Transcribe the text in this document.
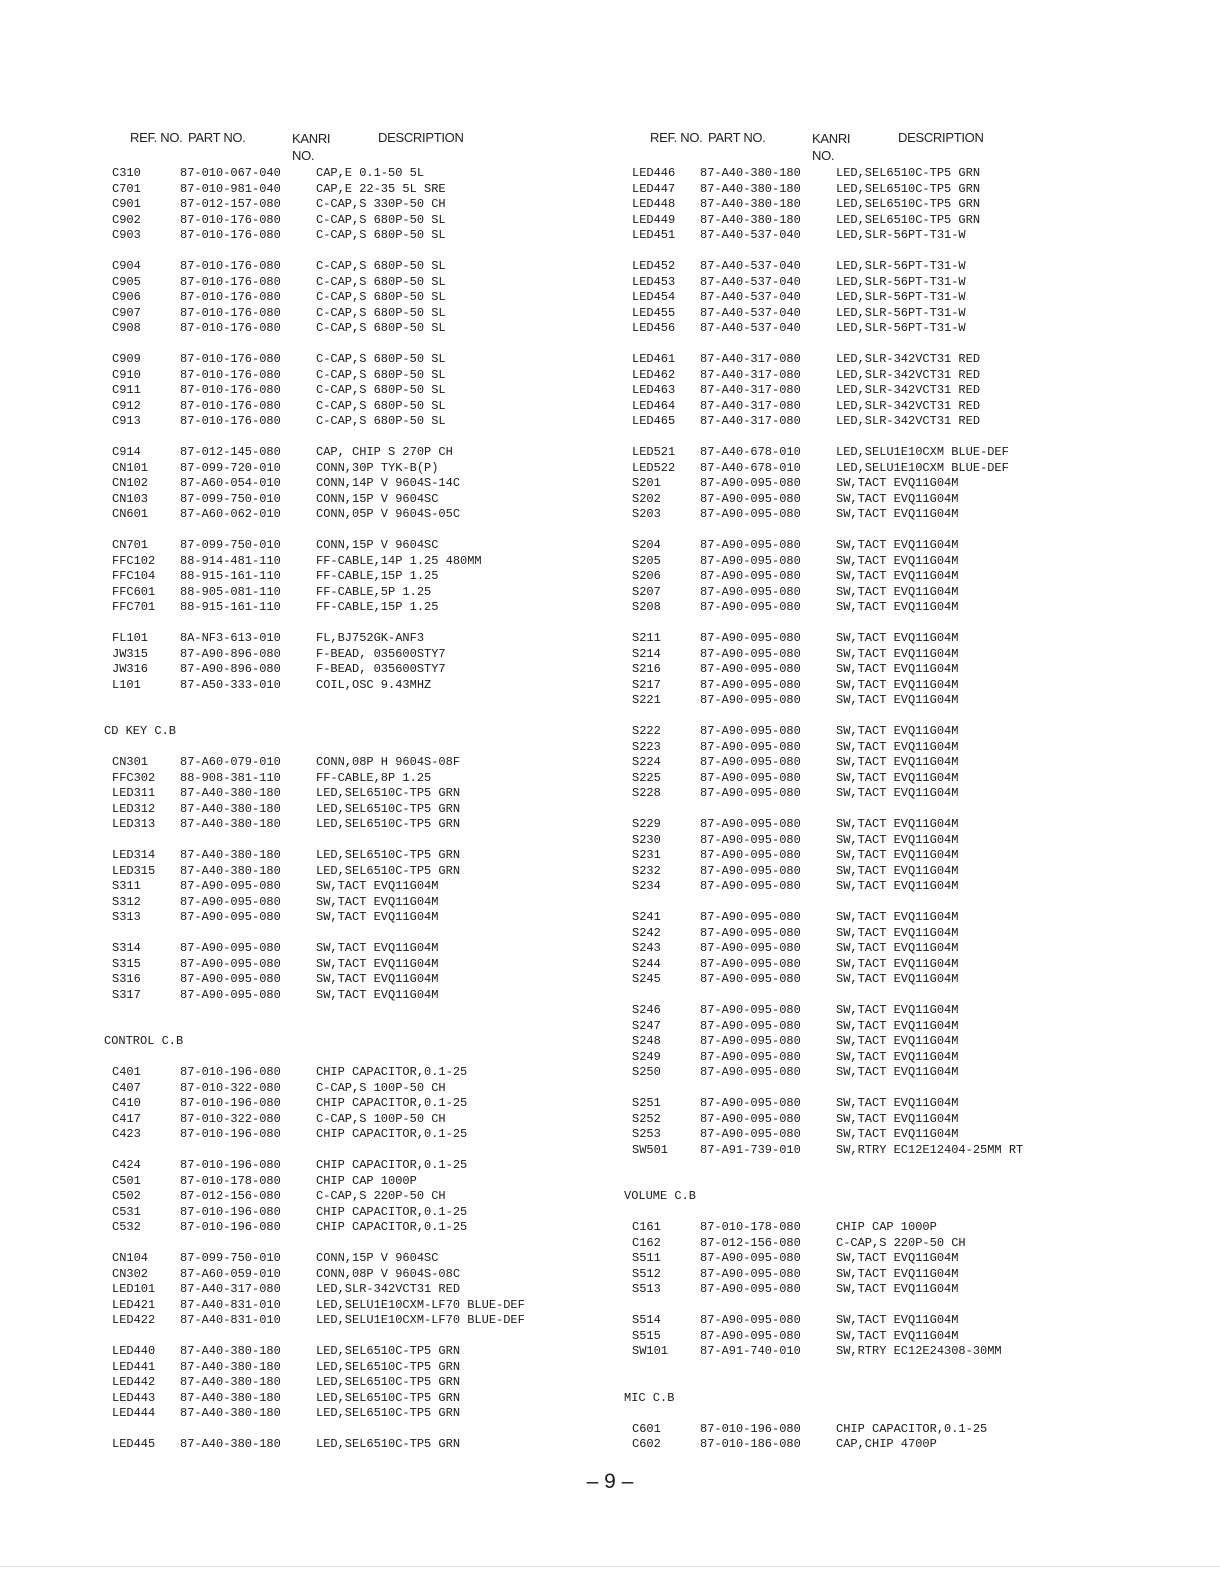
REF. NO. PART NO.	KANRI
NO.
DESCRIPTION
C310	87-010-067-040	CAP,E 0.1-50 5L
C701	87-010-981-040	CAP,E 22-35 5L SRE
C901	87-012-157-080	C-CAP,S 330P-50 CH
C902	87-010-176-080	C-CAP,S 680P-50 SL
C903	87-010-176-080	C-CAP,S 680P-50 SL
C904	87-010-176-080	C-CAP,S 680P-50 SL
C905	87-010-176-080	C-CAP,S 680P-50 SL
C906	87-010-176-080	C-CAP,S 680P-50 SL
C907	87-010-176-080	C-CAP,S 680P-50 SL
C908	87-010-176-080	C-CAP,S 680P-50 SL
C909	87-010-176-080	C-CAP,S 680P-50 SL
C910	87-010-176-080	C-CAP,S 680P-50 SL
C911	87-010-176-080	C-CAP,S 680P-50 SL
C912	87-010-176-080	C-CAP,S 680P-50 SL
C913	87-010-176-080	C-CAP,S 680P-50 SL
C914	87-012-145-080	CAP, CHIP S 270P CH
CN101	87-099-720-010	CONN,30P TYK-B(P)
CN102	87-A60-054-010	CONN,14P V 9604S-14C
CN103	87-099-750-010	CONN,15P V 9604SC
CN601	87-A60-062-010	CONN,05P V 9604S-05C
CN701	87-099-750-010	CONN,15P V 9604SC
FFC102 88-914-481-110	FF-CABLE,14P 1.25 480MM
FFC104 88-915-161-110	FF-CABLE,15P 1.25
FFC601 88-905-081-110	FF-CABLE,5P 1.25
FFC701 88-915-161-110	FF-CABLE,15P 1.25
FL101	8A-NF3-613-010	FL,BJ752GK-ANF3
JW315	87-A90-896-080	F-BEAD, 035600STY7
JW316	87-A90-896-080	F-BEAD, 035600STY7
L101	87-A50-333-010	COIL,OSC 9.43MHZ
CD KEY C.B
CN301	87-A60-079-010	CONN,08P H 9604S-08F
FFC302 88-908-381-110	FF-CABLE,8P 1.25
LED311 87-A40-380-180	LED,SEL6510C-TP5 GRN
LED312 87-A40-380-180	LED,SEL6510C-TP5 GRN
LED313 87-A40-380-180	LED,SEL6510C-TP5 GRN
LED314 87-A40-380-180	LED,SEL6510C-TP5 GRN
LED315 87-A40-380-180	LED,SEL6510C-TP5 GRN
S311	87-A90-095-080	SW,TACT EVQ11G04M
S312	87-A90-095-080	SW,TACT EVQ11G04M
S313	87-A90-095-080	SW,TACT EVQ11G04M
S314	87-A90-095-080	SW,TACT EVQ11G04M
S315	87-A90-095-080	SW,TACT EVQ11G04M
S316	87-A90-095-080	SW,TACT EVQ11G04M
S317	87-A90-095-080	SW,TACT EVQ11G04M
CONTROL C.B
C401	87-010-196-080	CHIP CAPACITOR,0.1-25
C407	87-010-322-080	C-CAP,S 100P-50 CH
C410	87-010-196-080	CHIP CAPACITOR,0.1-25
C417	87-010-322-080	C-CAP,S 100P-50 CH
C423	87-010-196-080	CHIP CAPACITOR,0.1-25
C424	87-010-196-080	CHIP CAPACITOR,0.1-25
C501	87-010-178-080	CHIP CAP 1000P
C502	87-012-156-080	C-CAP,S 220P-50 CH
C531	87-010-196-080	CHIP CAPACITOR,0.1-25
C532	87-010-196-080	CHIP CAPACITOR,0.1-25
CN104	87-099-750-010	CONN,15P V 9604SC
CN302	87-A60-059-010	CONN,08P V 9604S-08C
LED101 87-A40-317-080	LED,SLR-342VCT31 RED
LED421 87-A40-831-010	LED,SELU1E10CXM-LF70 BLUE-DEF
LED422 87-A40-831-010	LED,SELU1E10CXM-LF70 BLUE-DEF
LED440 87-A40-380-180	LED,SEL6510C-TP5 GRN
LED441 87-A40-380-180	LED,SEL6510C-TP5 GRN
LED442 87-A40-380-180	LED,SEL6510C-TP5 GRN
LED443 87-A40-380-180	LED,SEL6510C-TP5 GRN
LED444 87-A40-380-180	LED,SEL6510C-TP5 GRN
LED445 87-A40-380-180	LED,SEL6510C-TP5 GRN
REF. NO. PART NO.	KANRI
NO.
DESCRIPTION
LED446 87-A40-380-180	LED,SEL6510C-TP5 GRN
LED447 87-A40-380-180	LED,SEL6510C-TP5 GRN
LED448 87-A40-380-180	LED,SEL6510C-TP5 GRN
LED449 87-A40-380-180	LED,SEL6510C-TP5 GRN
LED451 87-A40-537-040	LED,SLR-56PT-T31-W
LED452 87-A40-537-040	LED,SLR-56PT-T31-W
LED453 87-A40-537-040	LED,SLR-56PT-T31-W
LED454 87-A40-537-040	LED,SLR-56PT-T31-W
LED455 87-A40-537-040	LED,SLR-56PT-T31-W
LED456 87-A40-537-040	LED,SLR-56PT-T31-W
LED461 87-A40-317-080	LED,SLR-342VCT31 RED
LED462 87-A40-317-080	LED,SLR-342VCT31 RED
LED463 87-A40-317-080	LED,SLR-342VCT31 RED
LED464 87-A40-317-080	LED,SLR-342VCT31 RED
LED465 87-A40-317-080	LED,SLR-342VCT31 RED
LED521 87-A40-678-010	LED,SELU1E10CXM BLUE-DEF
LED522 87-A40-678-010	LED,SELU1E10CXM BLUE-DEF
S201	87-A90-095-080	SW,TACT EVQ11G04M
S202	87-A90-095-080	SW,TACT EVQ11G04M
S203	87-A90-095-080	SW,TACT EVQ11G04M
S204	87-A90-095-080	SW,TACT EVQ11G04M
S205	87-A90-095-080	SW,TACT EVQ11G04M
S206	87-A90-095-080	SW,TACT EVQ11G04M
S207	87-A90-095-080	SW,TACT EVQ11G04M
S208	87-A90-095-080	SW,TACT EVQ11G04M
S211	87-A90-095-080	SW,TACT EVQ11G04M
S214	87-A90-095-080	SW,TACT EVQ11G04M
S216	87-A90-095-080	SW,TACT EVQ11G04M
S217	87-A90-095-080	SW,TACT EVQ11G04M
S221	87-A90-095-080	SW,TACT EVQ11G04M
S222	87-A90-095-080	SW,TACT EVQ11G04M
S223	87-A90-095-080	SW,TACT EVQ11G04M
S224	87-A90-095-080	SW,TACT EVQ11G04M
S225	87-A90-095-080	SW,TACT EVQ11G04M
S228	87-A90-095-080	SW,TACT EVQ11G04M
S229	87-A90-095-080	SW,TACT EVQ11G04M
S230	87-A90-095-080	SW,TACT EVQ11G04M
S231	87-A90-095-080	SW,TACT EVQ11G04M
S232	87-A90-095-080	SW,TACT EVQ11G04M
S234	87-A90-095-080	SW,TACT EVQ11G04M
S241	87-A90-095-080	SW,TACT EVQ11G04M
S242	87-A90-095-080	SW,TACT EVQ11G04M
S243	87-A90-095-080	SW,TACT EVQ11G04M
S244	87-A90-095-080	SW,TACT EVQ11G04M
S245	87-A90-095-080	SW,TACT EVQ11G04M
S246	87-A90-095-080	SW,TACT EVQ11G04M
S247	87-A90-095-080	SW,TACT EVQ11G04M
S248	87-A90-095-080	SW,TACT EVQ11G04M
S249	87-A90-095-080	SW,TACT EVQ11G04M
S250	87-A90-095-080	SW,TACT EVQ11G04M
S251	87-A90-095-080	SW,TACT EVQ11G04M
S252	87-A90-095-080	SW,TACT EVQ11G04M
S253	87-A90-095-080	SW,TACT EVQ11G04M
SW501	87-A91-739-010	SW,RTRY EC12E12404-25MM RT
VOLUME C.B
C161	87-010-178-080	CHIP CAP 1000P
C162	87-012-156-080	C-CAP,S 220P-50 CH
S511	87-A90-095-080	SW,TACT EVQ11G04M
S512	87-A90-095-080	SW,TACT EVQ11G04M
S513	87-A90-095-080	SW,TACT EVQ11G04M
S514	87-A90-095-080	SW,TACT EVQ11G04M
S515	87-A90-095-080	SW,TACT EVQ11G04M
SW101	87-A91-740-010	SW,RTRY EC12E24308-30MM
MIC C.B
C601	87-010-196-080	CHIP CAPACITOR,0.1-25
C602	87-010-186-080	CAP,CHIP 4700P
– 9 –
